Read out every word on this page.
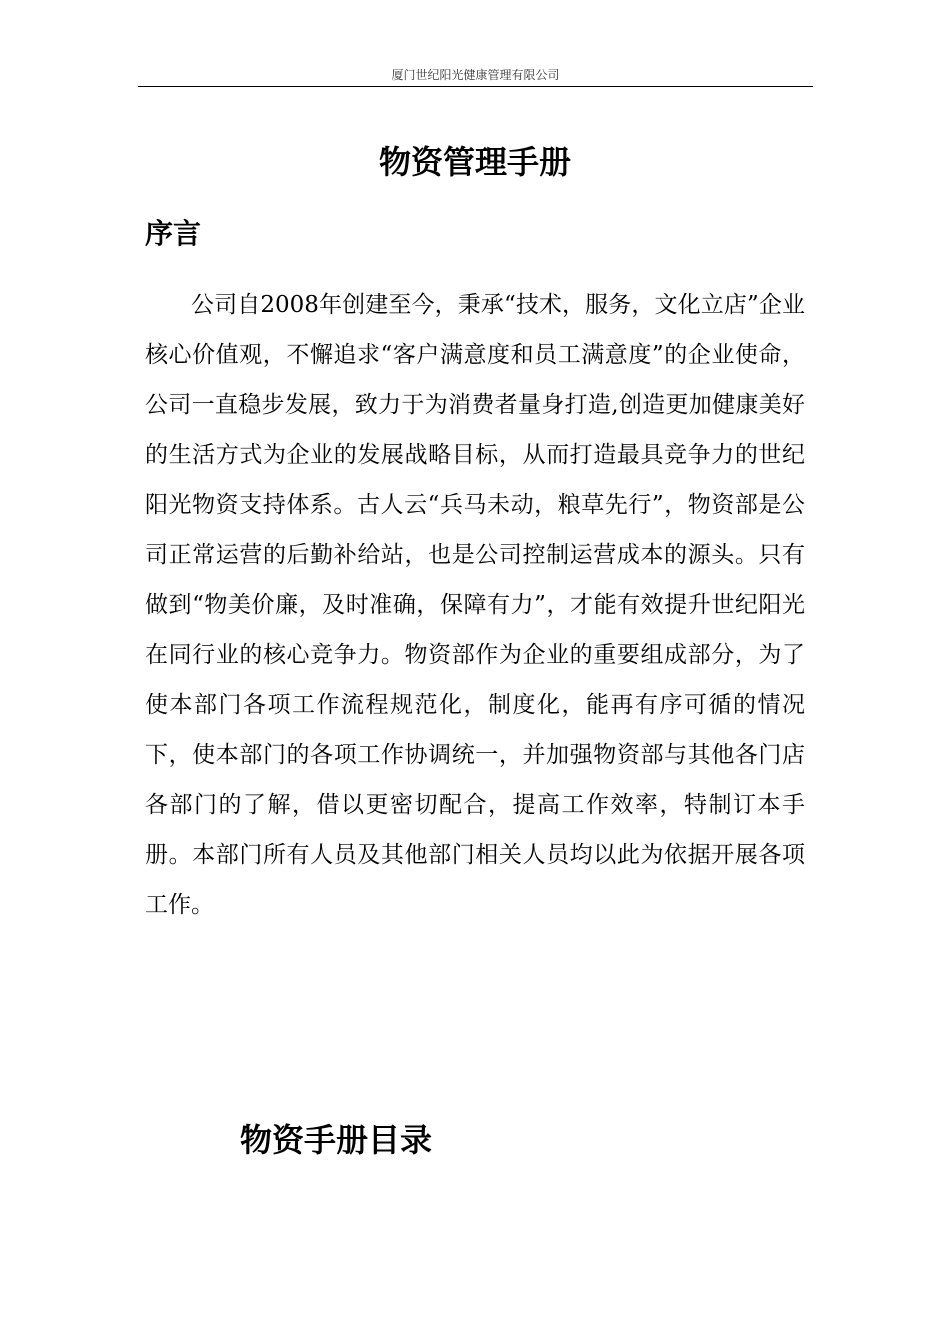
厦门世纪阳光健康管理有限公司
物资管理手册
序言

公司自2008年创建至今，秉承“技术，服务，文化立店”企业核心价值观，不懈追求“客户满意度和员工满意度”的企业使命，公司一直稳步发展，致力于为消费者量身打造,创造更加健康美好的生活方式为企业的发展战略目标，从而打造最具竞争力的世纪阳光物资支持体系。古人云“兵马未动，粮草先行”，物资部是公司正常运营的后勤补给站，也是公司控制运营成本的源头。只有做到“物美价廉，及时准确，保障有力”，才能有效提升世纪阳光在同行业的核心竞争力。物资部作为企业的重要组成部分，为了使本部门各项工作流程规范化，制度化，能再有序可循的情况下，使本部门的各项工作协调统一，并加强物资部与其他各门店各部门的了解，借以更密切配合，提高工作效率，特制订本手册。本部门所有人员及其他部门相关人员均以此为依据开展各项工作。

物资手册目录
